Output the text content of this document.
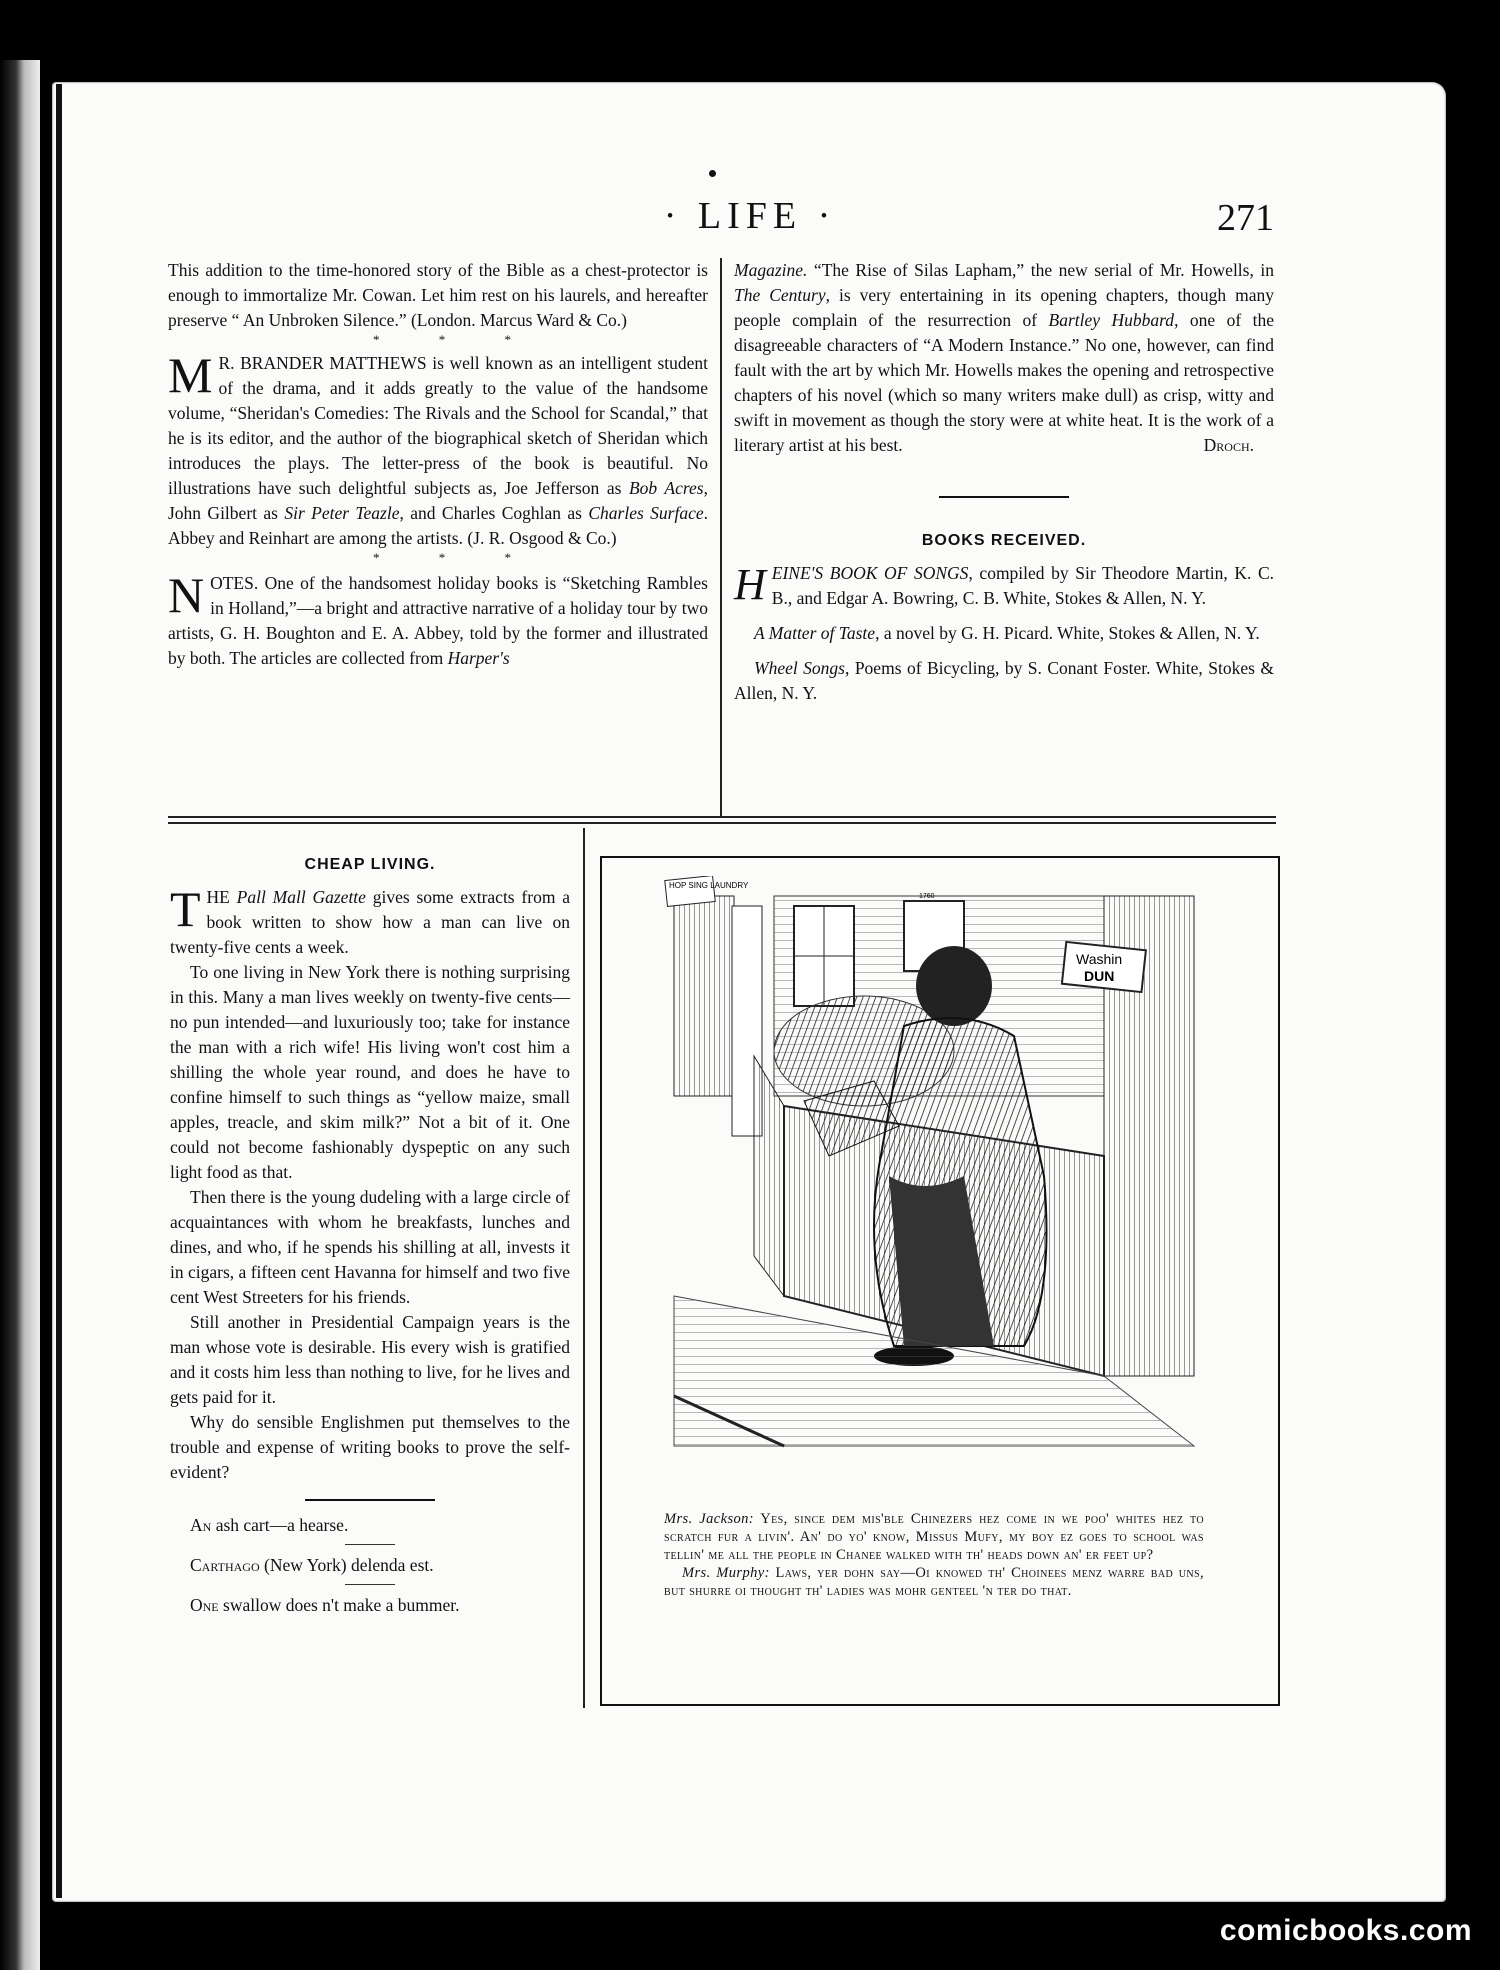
· LIFE ·	271

This addition to the time-honored story of the Bible as a chest-protector is enough to immortalize Mr. Cowan. Let him rest on his laurels, and hereafter preserve “ An Unbroken Silence.” (London. Marcus Ward & Co.)

* * *

M R. BRANDER MATTHEWS is well known as an intelligent student of the drama, and it adds greatly to the value of the handsome volume, “Sheridan's Comedies: The Rivals and the School for Scandal,” that he is its editor, and the author of the biographical sketch of Sheridan which introduces the plays. The letter-press of the book is beautiful. No illustrations have such delightful subjects as, Joe Jefferson as Bob Acres, John Gilbert as Sir Peter Teazle, and Charles Coghlan as Charles Surface. Abbey and Reinhart are among the artists. (J. R. Osgood & Co.)

* * *

NOTES. One of the handsomest holiday books is “Sketching Rambles in Holland,”—a bright and attractive narrative of a holiday tour by two artists, G. H. Boughton and E. A. Abbey, told by the former and illustrated by both. The articles are collected from Harper's

Magazine. “The Rise of Silas Lapham,” the new serial of Mr. Howells, in The Century, is very entertaining in its opening chapters, though many people complain of the resurrection of Bartley Hubbard, one of the disagreeable characters of “A Modern Instance.” No one, however, can find fault with the art by which Mr. Howells makes the opening and retrospective chapters of his novel (which so many writers make dull) as crisp, witty and swift in movement as though the story were at white heat. It is the work of a literary artist at his best.	Droch.

BOOKS RECEIVED.

HEINE'S BOOK OF SONGS, compiled by Sir Theodore Martin, K. C. B., and Edgar A. Bowring, C. B. White, Stokes & Allen, N. Y.

A Matter of Taste, a novel by G. H. Picard. White, Stokes & Allen, N. Y.

Wheel Songs, Poems of Bicycling, by S. Conant Foster. White, Stokes & Allen, N. Y.

CHEAP LIVING.

THE Pall Mall Gazette gives some extracts from a book written to show how a man can live on twenty-five cents a week.

To one living in New York there is nothing surprising in this. Many a man lives weekly on twenty-five cents—no pun intended—and luxuriously too; take for instance the man with a rich wife! His living won't cost him a shilling the whole year round, and does he have to confine himself to such things as “yellow maize, small apples, treacle, and skim milk?” Not a bit of it. One could not become fashionably dyspeptic on any such light food as that.

Then there is the young dudeling with a large circle of acquaintances with whom he breakfasts, lunches and dines, and who, if he spends his shilling at all, invests it in cigars, a fifteen cent Havanna for himself and two five cent West Streeters for his friends.

Still another in Presidential Campaign years is the man whose vote is desirable. His every wish is gratified and it costs him less than nothing to live, for he lives and gets paid for it.

Why do sensible Englishmen put themselves to the trouble and expense of writing books to prove the self-evident?

An ash cart—a hearse.

Carthago (New York) delenda est.

One swallow does n't make a bummer.

HOP SING LAUNDRY
Washin
DUN
1760

Mrs. Jackson: Yes, since dem mis'ble Chinezers hez come in we poo' whites hez to scratch fur a livin'. An' do yo' know, Missus Mufy, my boy ez goes to school was tellin' me all the people in Chanee walked with th' heads down an' er feet up?

Mrs. Murphy: Laws, yer dohn say—Oi knowed th' Choinees menz warre bad uns, but shurre oi thought th' ladies was mohr genteel 'n ter do that.

comicbooks.com
